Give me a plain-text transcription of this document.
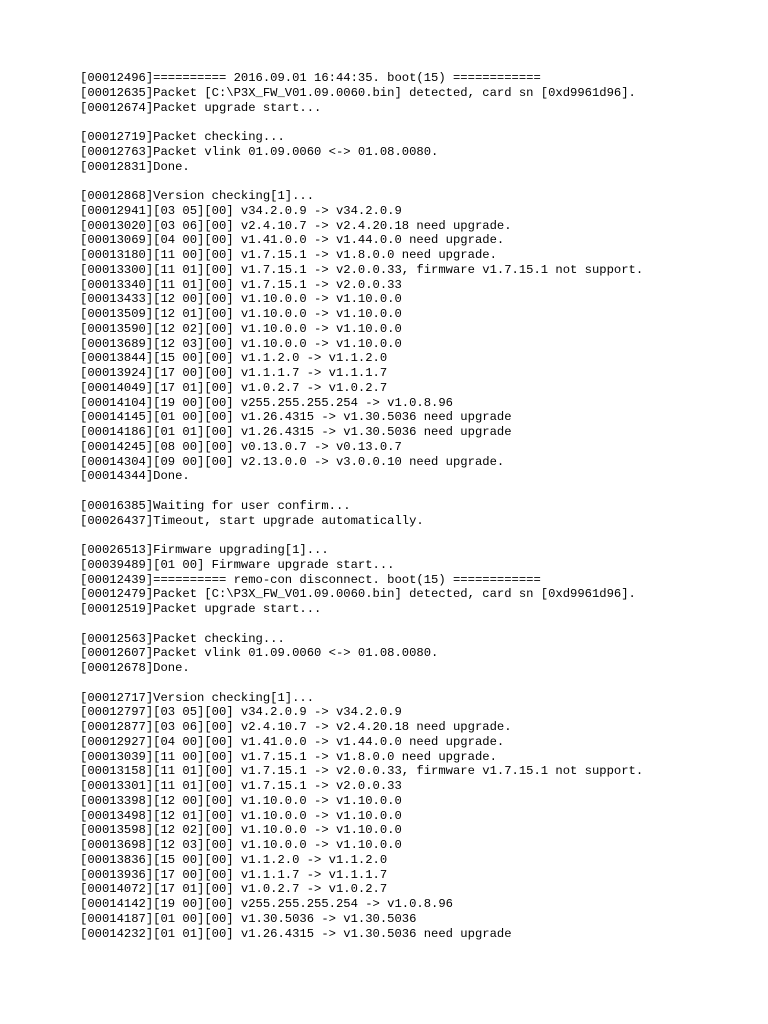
[00012496]========== 2016.09.01 16:44:35. boot(15) ============
[00012635]Packet [C:\P3X_FW_V01.09.0060.bin] detected, card sn [0xd9961d96].
[00012674]Packet upgrade start...
[00012719]Packet checking...
[00012763]Packet vlink 01.09.0060 <-> 01.08.0080.
[00012831]Done.
[00012868]Version checking[1]...
[00012941][03 05][00] v34.2.0.9 -> v34.2.0.9
[00013020][03 06][00] v2.4.10.7 -> v2.4.20.18 need upgrade.
[00013069][04 00][00] v1.41.0.0 -> v1.44.0.0 need upgrade.
[00013180][11 00][00] v1.7.15.1 -> v1.8.0.0 need upgrade.
[00013300][11 01][00] v1.7.15.1 -> v2.0.0.33, firmware v1.7.15.1 not support.
[00013340][11 01][00] v1.7.15.1 -> v2.0.0.33
[00013433][12 00][00] v1.10.0.0 -> v1.10.0.0
[00013509][12 01][00] v1.10.0.0 -> v1.10.0.0
[00013590][12 02][00] v1.10.0.0 -> v1.10.0.0
[00013689][12 03][00] v1.10.0.0 -> v1.10.0.0
[00013844][15 00][00] v1.1.2.0 -> v1.1.2.0
[00013924][17 00][00] v1.1.1.7 -> v1.1.1.7
[00014049][17 01][00] v1.0.2.7 -> v1.0.2.7
[00014104][19 00][00] v255.255.255.254 -> v1.0.8.96
[00014145][01 00][00] v1.26.4315 -> v1.30.5036 need upgrade
[00014186][01 01][00] v1.26.4315 -> v1.30.5036 need upgrade
[00014245][08 00][00] v0.13.0.7 -> v0.13.0.7
[00014304][09 00][00] v2.13.0.0 -> v3.0.0.10 need upgrade.
[00014344]Done.
[00016385]Waiting for user confirm...
[00026437]Timeout, start upgrade automatically.
[00026513]Firmware upgrading[1]...
[00039489][01 00] Firmware upgrade start...
[00012439]========== remo-con disconnect. boot(15) ============
[00012479]Packet [C:\P3X_FW_V01.09.0060.bin] detected, card sn [0xd9961d96].
[00012519]Packet upgrade start...
[00012563]Packet checking...
[00012607]Packet vlink 01.09.0060 <-> 01.08.0080.
[00012678]Done.
[00012717]Version checking[1]...
[00012797][03 05][00] v34.2.0.9 -> v34.2.0.9
[00012877][03 06][00] v2.4.10.7 -> v2.4.20.18 need upgrade.
[00012927][04 00][00] v1.41.0.0 -> v1.44.0.0 need upgrade.
[00013039][11 00][00] v1.7.15.1 -> v1.8.0.0 need upgrade.
[00013158][11 01][00] v1.7.15.1 -> v2.0.0.33, firmware v1.7.15.1 not support.
[00013301][11 01][00] v1.7.15.1 -> v2.0.0.33
[00013398][12 00][00] v1.10.0.0 -> v1.10.0.0
[00013498][12 01][00] v1.10.0.0 -> v1.10.0.0
[00013598][12 02][00] v1.10.0.0 -> v1.10.0.0
[00013698][12 03][00] v1.10.0.0 -> v1.10.0.0
[00013836][15 00][00] v1.1.2.0 -> v1.1.2.0
[00013936][17 00][00] v1.1.1.7 -> v1.1.1.7
[00014072][17 01][00] v1.0.2.7 -> v1.0.2.7
[00014142][19 00][00] v255.255.255.254 -> v1.0.8.96
[00014187][01 00][00] v1.30.5036 -> v1.30.5036
[00014232][01 01][00] v1.26.4315 -> v1.30.5036 need upgrade
